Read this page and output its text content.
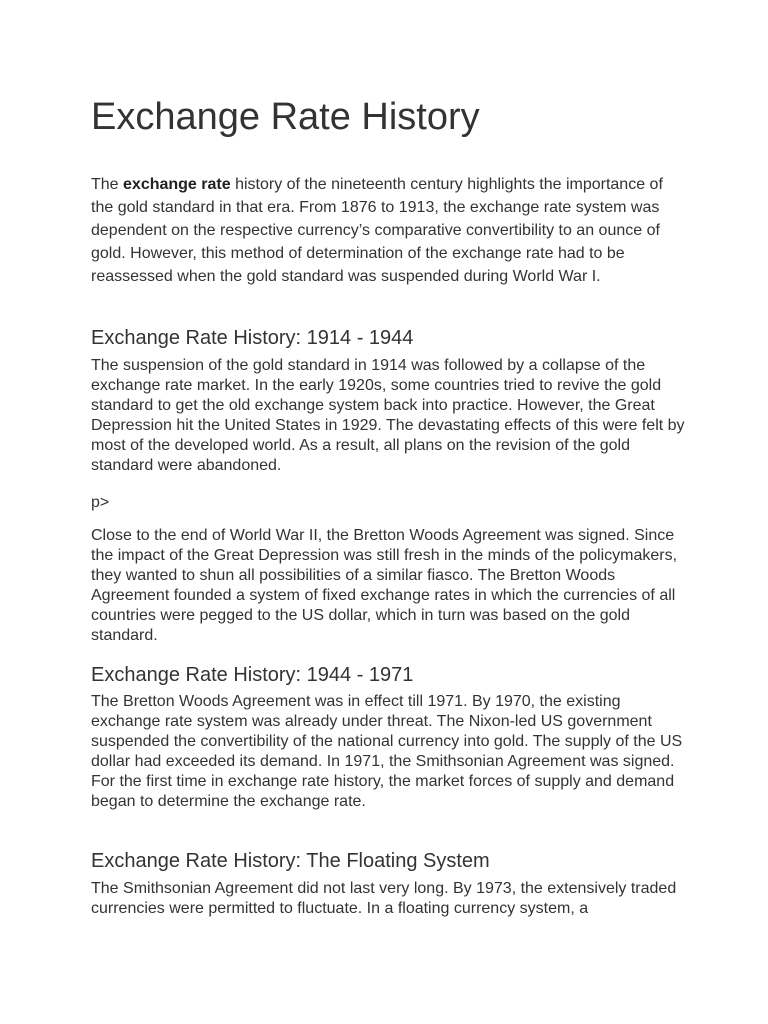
Exchange Rate History

The exchange rate history of the nineteenth century highlights the importance of the gold standard in that era. From 1876 to 1913, the exchange rate system was dependent on the respective currency’s comparative convertibility to an ounce of gold. However, this method of determination of the exchange rate had to be reassessed when the gold standard was suspended during World War I.

Exchange Rate History: 1914 - 1944

The suspension of the gold standard in 1914 was followed by a collapse of the exchange rate market. In the early 1920s, some countries tried to revive the gold standard to get the old exchange system back into practice. However, the Great Depression hit the United States in 1929. The devastating effects of this were felt by most of the developed world. As a result, all plans on the revision of the gold standard were abandoned.

p>

Close to the end of World War II, the Bretton Woods Agreement was signed. Since the impact of the Great Depression was still fresh in the minds of the policymakers, they wanted to shun all possibilities of a similar fiasco. The Bretton Woods Agreement founded a system of fixed exchange rates in which the currencies of all countries were pegged to the US dollar, which in turn was based on the gold standard.

Exchange Rate History: 1944 - 1971

The Bretton Woods Agreement was in effect till 1971. By 1970, the existing exchange rate system was already under threat. The Nixon-led US government suspended the convertibility of the national currency into gold. The supply of the US dollar had exceeded its demand. In 1971, the Smithsonian Agreement was signed. For the first time in exchange rate history, the market forces of supply and demand began to determine the exchange rate.

Exchange Rate History: The Floating System

The Smithsonian Agreement did not last very long. By 1973, the extensively traded currencies were permitted to fluctuate. In a floating currency system, a
